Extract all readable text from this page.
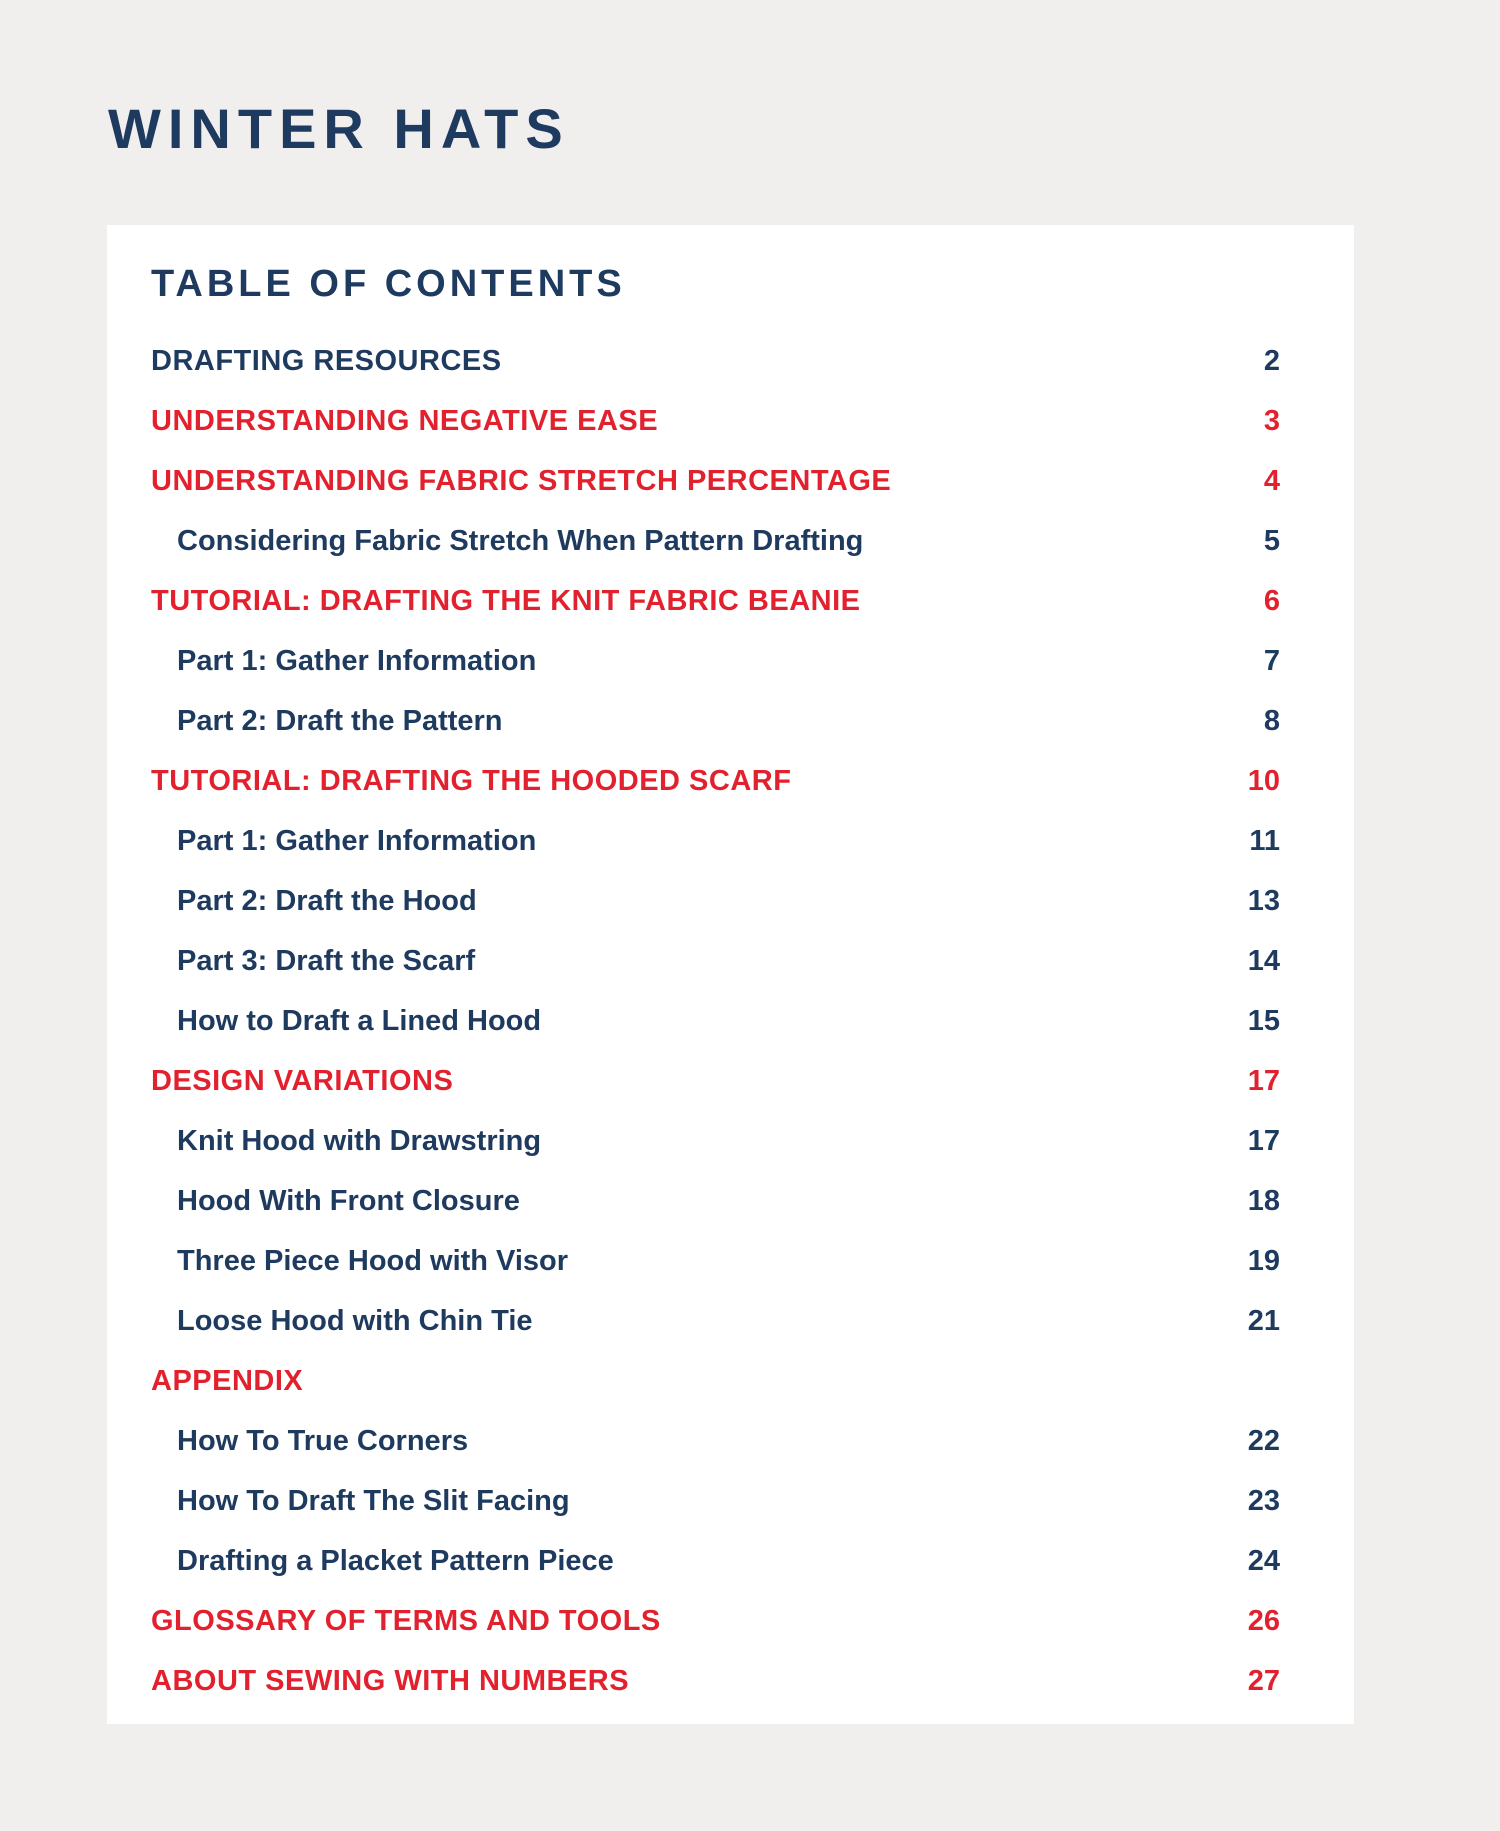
WINTER HATS
TABLE OF CONTENTS
DRAFTING RESOURCES	2
UNDERSTANDING NEGATIVE EASE	3
UNDERSTANDING FABRIC STRETCH PERCENTAGE	4
Considering Fabric Stretch When Pattern Drafting	5
TUTORIAL: DRAFTING THE KNIT FABRIC BEANIE	6
Part 1: Gather Information	7
Part 2: Draft the Pattern	8
TUTORIAL: DRAFTING THE HOODED SCARF	10
Part 1: Gather Information	11
Part 2: Draft the Hood	13
Part 3: Draft the Scarf	14
How to Draft a Lined Hood	15
DESIGN VARIATIONS	17
Knit Hood with Drawstring	17
Hood With Front Closure	18
Three Piece Hood with Visor	19
Loose Hood with Chin Tie	21
APPENDIX
How To True Corners	22
How To Draft The Slit Facing	23
Drafting a Placket Pattern Piece	24
GLOSSARY OF TERMS AND TOOLS	26
ABOUT SEWING WITH NUMBERS	27
